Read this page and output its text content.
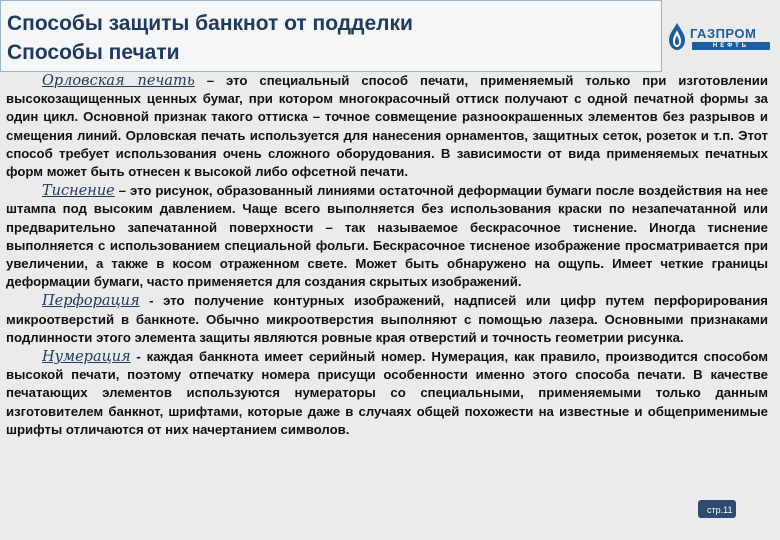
Способы защиты банкнот от подделки
Способы печати
ГАЗПРОМ
НЕФТЬ

Орловская печать – это специальный способ печати, применяемый только при изготовлении высокозащищенных ценных бумаг, при котором многокрасочный оттиск получают с одной печатной формы за один цикл. Основной признак такого оттиска – точное совмещение разноокрашенных элементов без разрывов и смещения линий. Орловская печать используется для нанесения орнаментов, защитных сеток, розеток и т.п. Этот способ требует использования очень сложного оборудования. В зависимости от вида применяемых печатных форм может быть отнесен к высокой либо офсетной печати.

Тиснение – это рисунок, образованный линиями остаточной деформации бумаги после воздействия на нее штампа под высоким давлением. Чаще всего выполняется без использования краски по незапечатанной или предварительно запечатанной поверхности – так называемое бескрасочное тиснение. Иногда тиснение выполняется с использованием специальной фольги. Бескрасочное тисненое изображение просматривается при увеличении, а также в косом отраженном свете. Может быть обнаружено на ощупь. Имеет четкие границы деформации бумаги, часто применяется для создания скрытых изображений.

Перфорация - это получение контурных изображений, надписей или цифр путем перфорирования микроотверстий в банкноте. Обычно микроотверстия выполняют с помощью лазера. Основными признаками подлинности этого элемента защиты являются ровные края отверстий и точность геометрии рисунка.

Нумерация - каждая банкнота имеет серийный номер. Нумерация, как правило, производится способом высокой печати, поэтому отпечатку номера присущи особенности именно этого способа печати. В качестве печатающих элементов используются нумераторы со специальными, применяемыми только данным изготовителем банкнот, шрифтами, которые даже в случаях общей похожести на известные и общеприменимые шрифты отличаются от них начертанием символов.

стр.11
